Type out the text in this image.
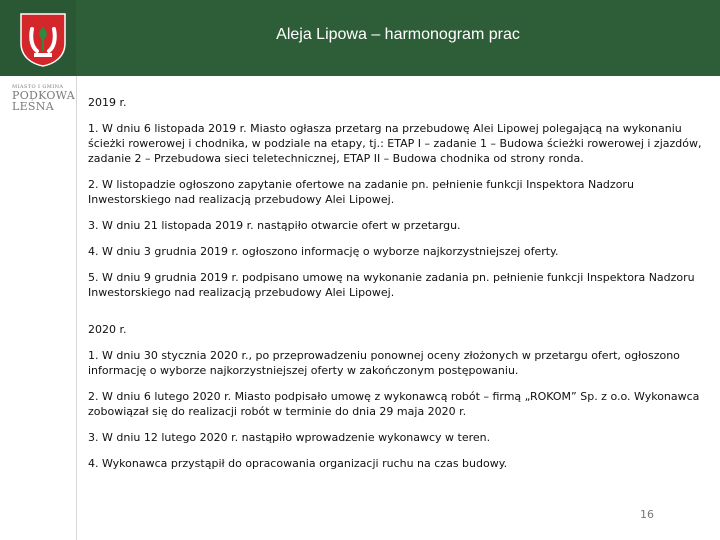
Aleja Lipowa – harmonogram prac
MIASTO I GMINA
PODKOWA
LEŚNA	2019 r.

1. W dniu 6 listopada 2019 r. Miasto ogłasza przetarg na przebudowę Alei Lipowej polegającą na wykonaniu ścieżki rowerowej i chodnika, w podziale na etapy, tj.: ETAP I – zadanie 1 – Budowa ścieżki rowerowej i zjazdów, zadanie 2 – Przebudowa sieci teletechnicznej, ETAP II – Budowa chodnika od strony ronda.

2. W listopadzie ogłoszono zapytanie ofertowe na zadanie pn. pełnienie funkcji Inspektora Nadzoru Inwestorskiego nad realizacją przebudowy Alei Lipowej.

3. W dniu 21 listopada 2019 r. nastąpiło otwarcie ofert w przetargu.

4. W dniu 3 grudnia 2019 r. ogłoszono informację o wyborze najkorzystniejszej oferty.

5. W dniu 9 grudnia 2019 r. podpisano umowę na wykonanie zadania pn. pełnienie funkcji Inspektora Nadzoru Inwestorskiego nad realizacją przebudowy Alei Lipowej.

2020 r.

1. W dniu 30 stycznia 2020 r., po przeprowadzeniu ponownej oceny złożonych w przetargu ofert, ogłoszono informację o wyborze najkorzystniejszej oferty w zakończonym postępowaniu.

2. W dniu 6 lutego 2020 r. Miasto podpisało umowę z wykonawcą robót – firmą „ROKOM” Sp. z o.o. Wykonawca zobowiązał się do realizacji robót w terminie do dnia 29 maja 2020 r.

3. W dniu 12 lutego 2020 r. nastąpiło wprowadzenie wykonawcy w teren.

4. Wykonawca przystąpił do opracowania organizacji ruchu na czas budowy.

16
